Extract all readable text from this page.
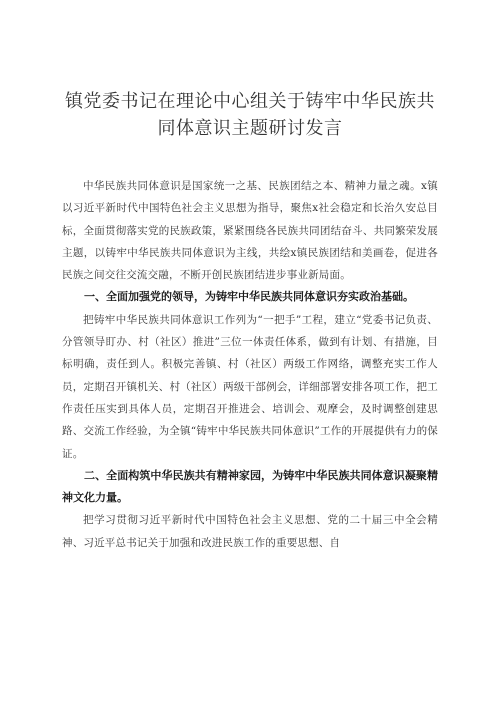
镇党委书记在理论中心组关于铸牢中华民族共
同体意识主题研讨发言

中华民族共同体意识是国家统一之基、民族团结之本、精神力量之魂。x镇以习近平新时代中国特色社会主义思想为指导，聚焦x社会稳定和长治久安总目标，全面贯彻落实党的民族政策，紧紧围绕各民族共同团结奋斗、共同繁荣发展主题，以铸牢中华民族共同体意识为主线，共绘x镇民族团结和美画卷，促进各民族之间交往交流交融，不断开创民族团结进步事业新局面。

一、全面加强党的领导，为铸牢中华民族共同体意识夯实政治基础。

把铸牢中华民族共同体意识工作列为“一把手”工程，建立“党委书记负责、分管领导盯办、村（社区）推进”三位一体责任体系，做到有计划、有措施，目标明确，责任到人。积极完善镇、村（社区）两级工作网络，调整充实工作人员，定期召开镇机关、村（社区）两级干部例会，详细部署安排各项工作，把工作责任压实到具体人员，定期召开推进会、培训会、观摩会，及时调整创建思路、交流工作经验，为全镇“铸牢中华民族共同体意识”工作的开展提供有力的保证。

二、全面构筑中华民族共有精神家园，为铸牢中华民族共同体意识凝聚精神文化力量。

把学习贯彻习近平新时代中国特色社会主义思想、党的二十届三中全会精神、习近平总书记关于加强和改进民族工作的重要思想、自
